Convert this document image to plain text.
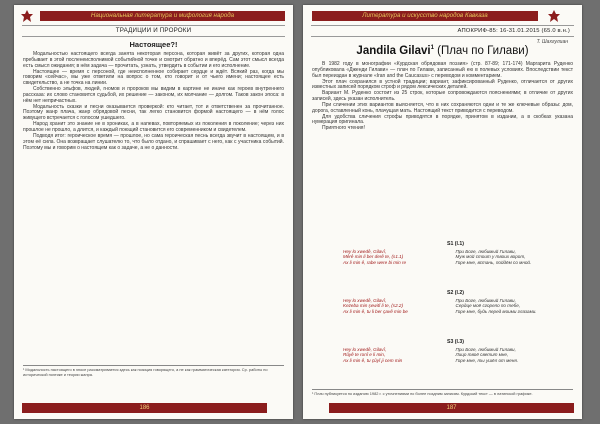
Национальная литература и мифология народа
ТРАДИЦИИ И ПРОРОКИ
Настоящее?!

Модальностью настоящего всегда занята некоторая персона, которая живёт за других, которая одна пребывает в этой посленеисполнимой событийной точке и смотрит обратно и вперёд. Сам этот смысл всегда есть смысл ожидания; в нём задача — прочитать, узнать, утвердить в событии и его исполнение.

Настоящее — время с персоной, где неисполненное собирает сердце и ждёт. Всякий раз, когда мы говорим «сейчас», мы уже ответили на вопрос о том, кто говорит и от чьего имени; настоящее есть свидетельство, а не точка на линии.

Собственно эльфов, людей, гномов и пророков мы видим в картине не иначе как героев внутреннего рассказа: их слово становится судьбой, их решение — законом, их молчание — долгом. Таков закон эпоса: в нём нет непричастных.

Модальность сказки и песни оказывается проверкой: кто читает, тот и ответственен за прочитанное. Поэтому жанр плача, жанр обрядовой песни, так легко становится формой настоящего — в нём голос живущего встречается с голосом ушедшего.

Народ хранит это знание не в хрониках, а в напевах, повторяемых из поколения в поколение; через них прошлое не прошло, а длится, и каждый поющий становится его современником и свидетелем.

Подводя итог: героическое время — прошлое, но сама героическая песнь всегда звучит в настоящем, и в этом её сила. Она возвращает слушателю то, что было отдано, и спрашивает с него, как с участника событий. Поэтому мы и говорим о настоящем как о задаче, а не о данности.

¹ Модальность настоящего в эпосе рассматривается здесь как позиция говорящего, а не как грамматическая категория. Ср. работы по исторической поэтике и теории жанра.

186
Литература и искусство народов Кавказа
АПОКРИФ-85: 16-31.01.2015 (65.0 в.н.)
Т. Шахгулиан
Jandila Gilavi$^1$ (Плач по Гилави)

В 1982 году в монографии «Курдская обрядовая поэзия» (стр. 87-89; 171-174) Маргарита Руденко опубликовала «Дженди Гилави» — плач по Гилави, записанный ею в полевых условиях. Впоследствии текст был переиздан в журнале «Iran and the Caucasus» с переводом и комментарием.

Этот плач сохранился в устной традиции; вариант, зафиксированный Руденко, отличается от других известных записей порядком строф и рядом лексических деталей.

Вариант М. Руденко состоит из 25 строк, которые сопровождаются пояснениями; в отличие от других записей, здесь указан исполнитель.

При сличении этих вариантов выясняется, что в них сохраняются одни и те же ключевые образы: дом, дорога, оставленный конь, плачущая мать. Настоящий текст приводится с переводом.

Для удобства сличения строфы приводятся в порядке, принятом в издании, а в скобках указана нумерация оригинала.

Приятного чтения!

S1 (l.1)
Hey lo xwedê, Gilavî,
Mêrê min li ber derê te, (s1.1)
Ax li min ê, rabe were bi min re
При Боге, любимый Гилави,
Муж мой стоит у твоих ворот,
Горе мне, встань, пойдём со мной.
S2 (l.2)
Hey lo xwedê, Gilavî,
Kezeba min şewitî li te, (s2.2)
Ax li min ê, tu li ber çavê min be
При Боге, любимый Гилави,
Сердце моё сгорело по тебе,
Горе мне, будь перед моими глазами.
S3 (l.3)
Hey lo xwedê, Gilavî,
Rûyê te ronî e li min,
Ax li min ê, tu çûyî ji cem min
При Боге, любимый Гилави,
Лицо твоё светит мне,
Горе мне, ты ушёл от меня.

¹ Плач публикуется по изданию 1982 г. с уточнениями по более поздним записям. Курдский текст — в латинской графике.

187
